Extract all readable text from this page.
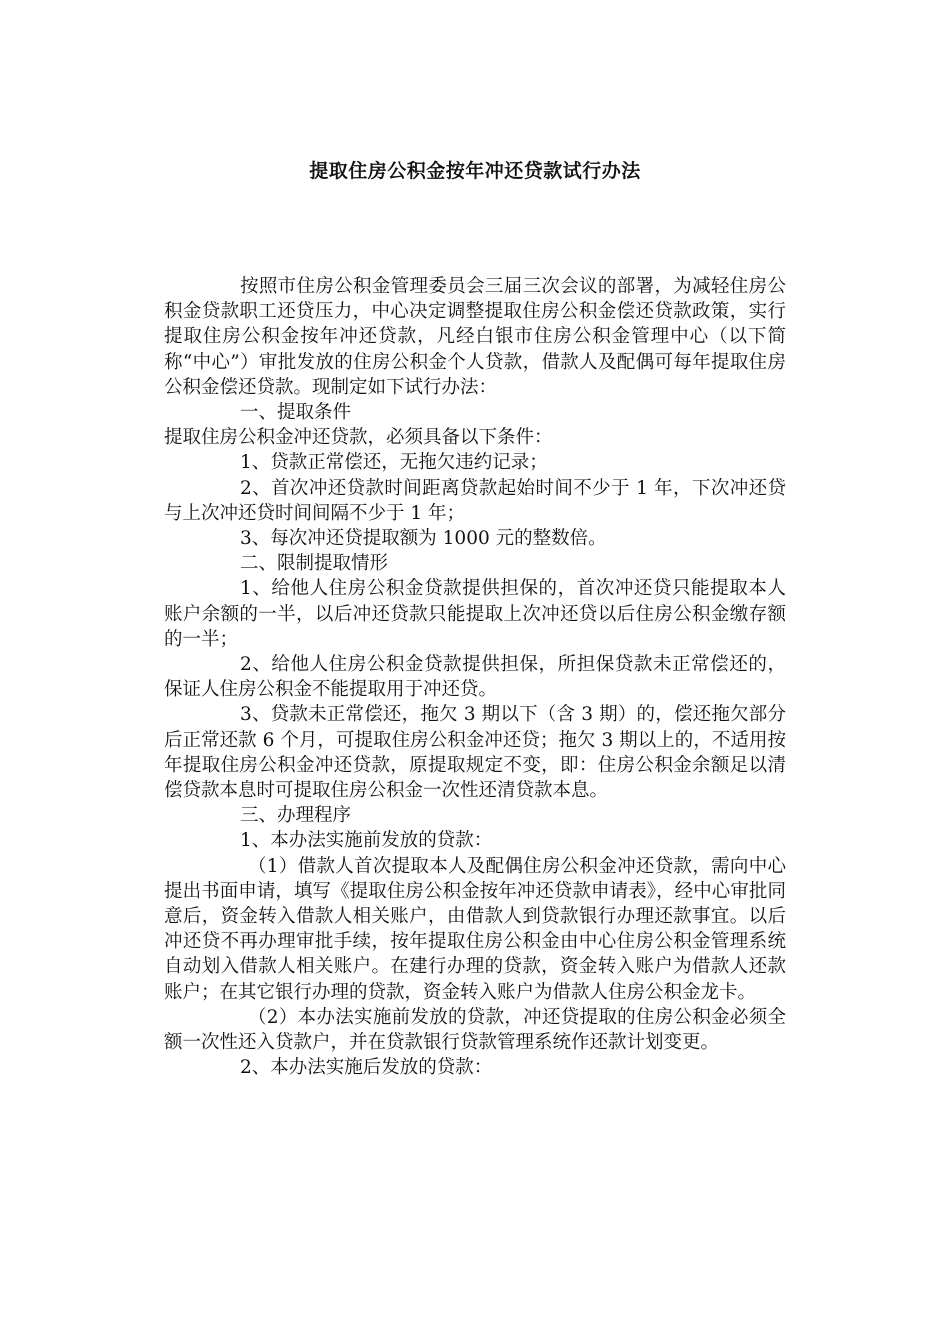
提取住房公积金按年冲还贷款试行办法

按照市住房公积金管理委员会三届三次会议的部署，为减轻住房公积金贷款职工还贷压力，中心决定调整提取住房公积金偿还贷款政策，实行提取住房公积金按年冲还贷款，凡经白银市住房公积金管理中心（以下简称“中心”）审批发放的住房公积金个人贷款，借款人及配偶可每年提取住房公积金偿还贷款。现制定如下试行办法：

一、提取条件

提取住房公积金冲还贷款，必须具备以下条件：

1、贷款正常偿还，无拖欠违约记录；

2、首次冲还贷款时间距离贷款起始时间不少于 1 年，下次冲还贷与上次冲还贷时间间隔不少于 1 年；

3、每次冲还贷提取额为 1000 元的整数倍。

二、限制提取情形

1、给他人住房公积金贷款提供担保的，首次冲还贷只能提取本人账户余额的一半，以后冲还贷款只能提取上次冲还贷以后住房公积金缴存额的一半；

2、给他人住房公积金贷款提供担保，所担保贷款未正常偿还的，保证人住房公积金不能提取用于冲还贷。

3、贷款未正常偿还，拖欠 3 期以下（含 3 期）的，偿还拖欠部分后正常还款 6 个月，可提取住房公积金冲还贷；拖欠 3 期以上的，不适用按年提取住房公积金冲还贷款，原提取规定不变，即：住房公积金余额足以清偿贷款本息时可提取住房公积金一次性还清贷款本息。

三、办理程序

1、本办法实施前发放的贷款：

（1）借款人首次提取本人及配偶住房公积金冲还贷款，需向中心提出书面申请，填写《提取住房公积金按年冲还贷款申请表》，经中心审批同意后，资金转入借款人相关账户，由借款人到贷款银行办理还款事宜。以后冲还贷不再办理审批手续，按年提取住房公积金由中心住房公积金管理系统自动划入借款人相关账户。在建行办理的贷款，资金转入账户为借款人还款账户；在其它银行办理的贷款，资金转入账户为借款人住房公积金龙卡。

（2）本办法实施前发放的贷款，冲还贷提取的住房公积金必须全额一次性还入贷款户，并在贷款银行贷款管理系统作还款计划变更。

2、本办法实施后发放的贷款：
